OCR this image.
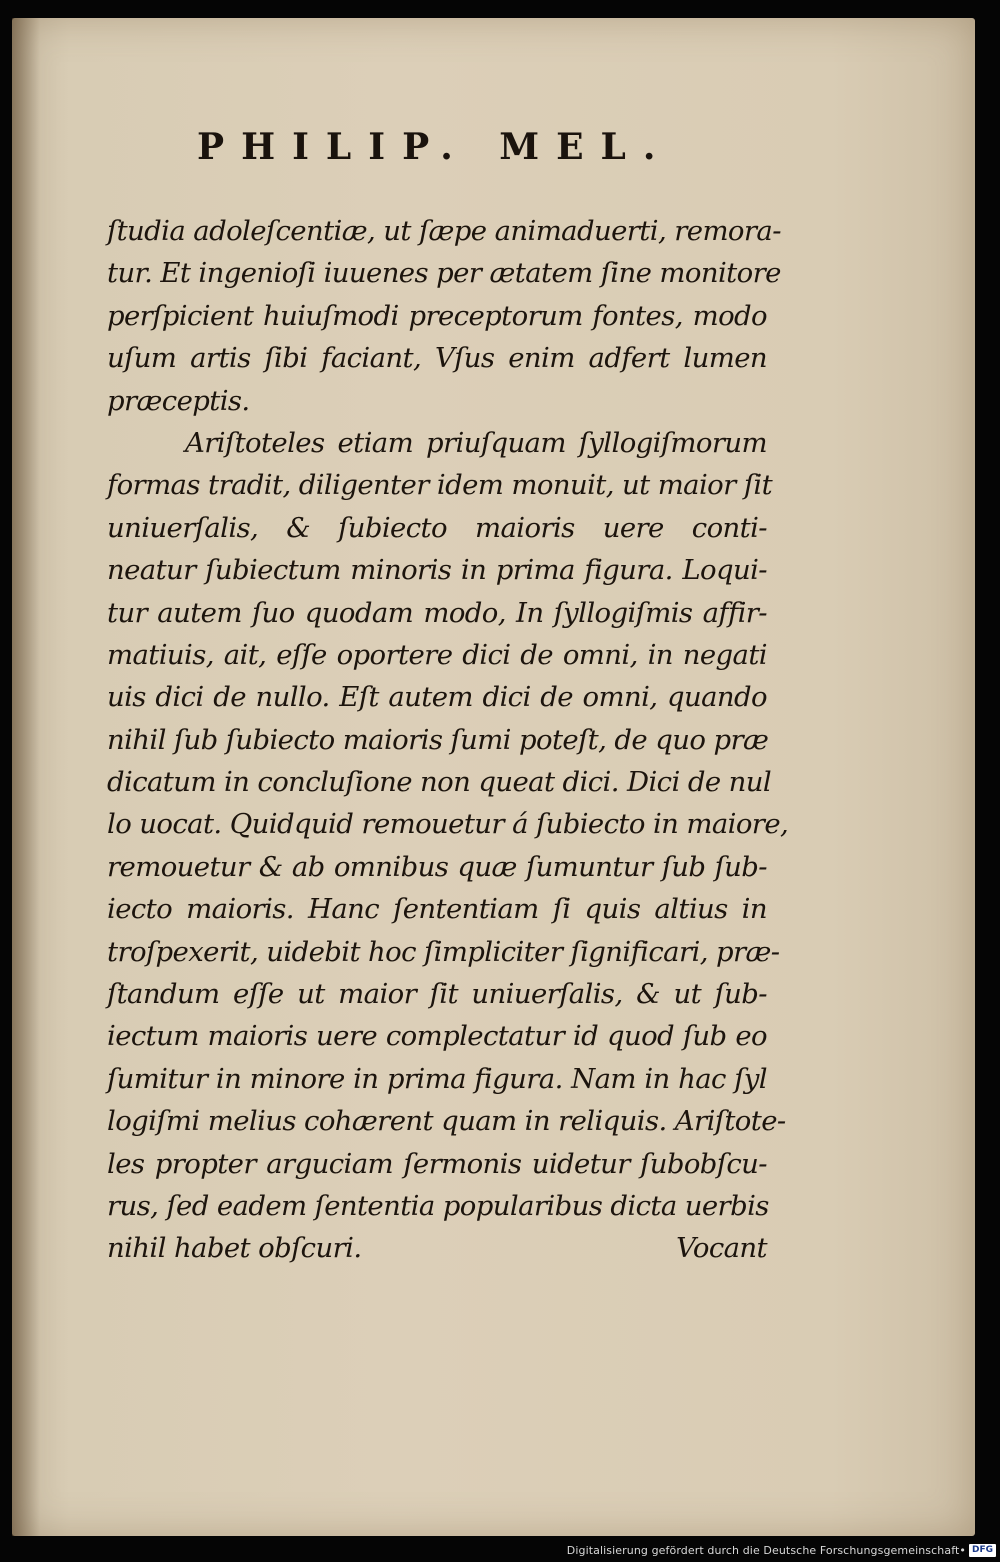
PHILIP. MEL.
ſtudia adoleſcentiæ, ut ſæpe animaduerti, remora-
tur. Et ingenioſi iuuenes per ætatem ſine monitore
perſpicient huiuſmodi preceptorum fontes, modo
uſum artis ſibi faciant, Vſus enim adfert lumen
præceptis.
Ariſtoteles etiam priuſquam ſyllogiſmorum
formas tradit, diligenter idem monuit, ut maior ſit
uniuerſalis, & ſubiecto maioris uere conti-
neatur ſubiectum minoris in prima figura. Loqui-
tur autem ſuo quodam modo, In ſyllogiſmis affir-
matiuis, ait, eſſe oportere dici de omni, in negati
uis dici de nullo. Eſt autem dici de omni, quando
nihil ſub ſubiecto maioris ſumi poteſt, de quo præ
dicatum in concluſione non queat dici. Dici de nul
lo uocat. Quidquid remouetur á ſubiecto in maiore,
remouetur & ab omnibus quæ ſumuntur ſub ſub-
iecto maioris. Hanc ſententiam ſi quis altius in
troſpexerit, uidebit hoc ſimpliciter ſignificari, præ-
ſtandum eſſe ut maior ſit uniuerſalis, & ut ſub-
iectum maioris uere complectatur id quod ſub eo
ſumitur in minore in prima figura. Nam in hac ſyl
logiſmi melius cohærent quam in reliquis. Ariſtote-
les propter arguciam ſermonis uidetur ſubobſcu-
rus, ſed eadem ſententia popularibus dicta uerbis
nihil habet obſcuri.	Vocant
Digitalisierung gefördert durch die Deutsche Forschungsgemeinschaft • DFG
